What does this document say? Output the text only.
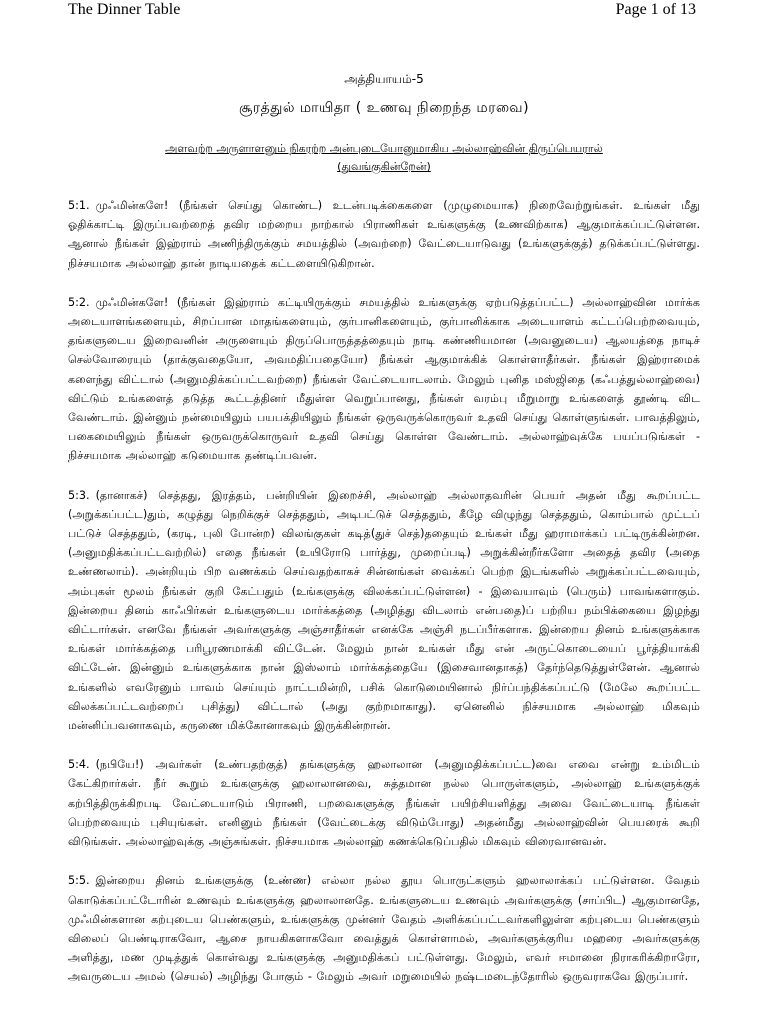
The Dinner Table	Page 1 of 13
அத்தியாயம்-5
சூரத்துல் மாயிதா ( உணவு நிறைந்த மரவை)
அளவற்ற அருளாளனும் நிகரற்ற அன்புடையோனுமாகிய அல்லாஹ்வின் திருப்பெயரால்
(துவங்குகின்றேன்)
5:1. முஃமின்களே! (நீங்கள் செய்து கொண்ட) உடன்படிக்கைகளை (முழுமையாக) நிறைவேற்றுங்கள். உங்கள் மீது ஓதிக்காட்டி இருப்பவற்றைத் தவிர மற்றைய நாற்கால் பிராணிகள் உங்களுக்கு (உணவிற்காக) ஆகுமாக்கப்பட்டுள்ளன. ஆனால் நீங்கள் இஹ்ராம் அணிந்திருக்கும் சமயத்தில் (அவற்றை) வேட்டையாடுவது (உங்களுக்குத்) தடுக்கப்பட்டுள்ளது. நிச்சயமாக அல்லாஹ் தான் நாடியதைக் கட்டளையிடுகிறான்.
5:2. முஃமின்களே! (நீங்கள் இஹ்ராம் கட்டியிருக்கும் சமயத்தில் உங்களுக்கு ஏற்படுத்தப்பட்ட) அல்லாஹ்வின மார்க்க அடையாளங்களையும், சிறப்பான மாதங்களையும், குர்பானிகளையும், குர்பானிக்காக அடையாளம் கட்டப்பெற்றவையும், தங்களுடைய இறைவனின் அருளையும் திருப்பொருத்தத்தையும் நாடி கண்ணியமான (அவனுடைய) ஆலயத்தை நாடிச் செல்வோரையும் (தாக்குவதையோ, அவமதிப்பதையோ) நீங்கள் ஆகுமாக்கிக் கொள்ளாதீர்கள். நீங்கள் இஹ்ராமைக் களைந்து விட்டால் (அனுமதிக்கப்பட்டவற்றை) நீங்கள் வேட்டையாடலாம். மேலும் புனித மஸ்ஜிதை (கஃபத்துல்லாஹ்வை) விட்டும் உங்களைத் தடுத்த கூட்டத்தினர் மீதுள்ள வெறுப்பானது, நீங்கள் வரம்பு மீறுமாறு உங்களைத் தூண்டி விட வேண்டாம். இன்னும் நன்மையிலும் பயபக்தியிலும் நீங்கள் ஒருவருக்கொருவர் உதவி செய்து கொள்ளுங்கள். பாவத்திலும், பகைமையிலும் நீங்கள் ஒருவருக்கொருவர் உதவி செய்து கொள்ள வேண்டாம். அல்லாஹ்வுக்கே பயப்படுங்கள் - நிச்சயமாக அல்லாஹ் கடுமையாக தண்டிப்பவன்.
5:3. (தானாகச்) செத்தது, இரத்தம், பன்றியின் இறைச்சி, அல்லாஹ் அல்லாதவரின் பெயர் அதன் மீது கூறப்பட்ட (அறுக்கப்பட்ட)தும், கழுத்து நெறிக்குச் செத்ததும், அடிபட்டுச் செத்ததும், கீழே விழுந்து செத்ததும், கொம்பால் முட்டப் பட்டுச் செத்ததும், (கரடி, புலி போன்ற) விலங்குகள் கடித்(துச் செத்)ததையும் உங்கள் மீது ஹராமாக்கப் பட்டிருக்கின்றன. (அனுமதிக்கப்பட்டவற்றில்) எதை நீங்கள் (உயிரோடு பார்த்து, முறைப்படி) அறுக்கின்றீர்களோ அதைத் தவிர (அதை உண்ணலாம்). அன்றியும் பிற வணக்கம் செய்வதற்காகச் சின்னங்கள் வைக்கப் பெற்ற இடங்களில் அறுக்கப்பட்டவையும், அம்புகள் மூலம் நீங்கள் குறி கேட்பதும் (உங்களுக்கு விலக்கப்பட்டுள்ளன) - இவையாவும் (பெரும்) பாவங்களாகும். இன்றைய தினம் காஃபிர்கள் உங்களுடைய மார்க்கத்தை (அழித்து விடலாம் என்பதை)ப் பற்றிய நம்பிக்கையை இழந்து விட்டார்கள். எனவே நீங்கள் அவர்களுக்கு அஞ்சாதீர்கள் எனக்கே அஞ்சி நடப்பீர்களாக. இன்றைய தினம் உங்களுக்காக உங்கள் மார்க்கத்தை பரிபூரணமாக்கி விட்டேன். மேலும் நான் உங்கள் மீது என் அருட்கொடையைப் பூர்த்தியாக்கி விட்டேன். இன்னும் உங்களுக்காக நான் இஸ்லாம் மார்க்கத்தையே (இசைவானதாகத்) தேர்ந்தெடுத்துள்ளேன். ஆனால் உங்களில் எவரேனும் பாவம் செய்யும் நாட்டமின்றி, பசிக் கொடுமையினால் நிர்ப்பந்திக்கப்பட்டு (மேலே கூறப்பட்ட விலக்கப்பட்டவற்றைப் புசித்து) விட்டால் (அது குற்றமாகாது). ஏனெனில் நிச்சயமாக அல்லாஹ் மிகவும் மன்னிப்பவனாகவும், கருணை மிக்கோனாகவும் இருக்கின்றான்.
5:4. (நபியே!) அவர்கள் (உண்பதற்குத்) தங்களுக்கு ஹலாலான (அனுமதிக்கப்பட்ட)வை எவை என்று உம்மிடம் கேட்கிறார்கள். நீர் கூறும் உங்களுக்கு ஹலாலானவை, சுத்தமான நல்ல பொருள்களும், அல்லாஹ் உங்களுக்குக் கற்பித்திருக்கிறபடி வேட்டையாடும் பிராணி, பறவைகளுக்கு நீங்கள் பயிற்சியளித்து அவை வேட்டையாடி நீங்கள் பெற்றவையும் புசியுங்கள். எனினும் நீங்கள் (வேட்டைக்கு விடும்போது) அதன்மீது அல்லாஹ்வின் பெயரைக் கூறி விடுங்கள். அல்லாஹ்வுக்கு அஞ்சுங்கள். நிச்சயமாக அல்லாஹ் கணக்கெடுப்பதில் மிகவும் விரைவானவன்.
5:5. இன்றைய தினம் உங்களுக்கு (உண்ண) எல்லா நல்ல தூய பொருட்களும் ஹலாலாக்கப் பட்டுள்ளன. வேதம் கொடுக்கப்பட்டோரின் உணவும் உங்களுக்கு ஹலாலானதே. உங்களுடைய உணவும் அவர்களுக்கு (சாப்பிட) ஆகுமானதே, முஃமின்களான கற்புடைய பெண்களும், உங்களுக்கு முன்னர் வேதம் அளிக்கப்பட்டவர்களிலுள்ள கற்புடைய பெண்களும் விலைப் பெண்டிராகவோ, ஆசை நாயகிகளாகவோ வைத்துக் கொள்ளாமல், அவர்களுக்குரிய மஹரை அவர்களுக்கு அளித்து, மண முடித்துக் கொள்வது உங்களுக்கு அனுமதிக்கப் பட்டுள்ளது. மேலும், எவர் ஈமானை நிராகரிக்கிறாரோ, அவருடைய அமல் (செயல்) அழிந்து போகும் - மேலும் அவர் மறுமையில் நஷ்டமடைந்தோரில் ஒருவராகவே இருப்பார்.
